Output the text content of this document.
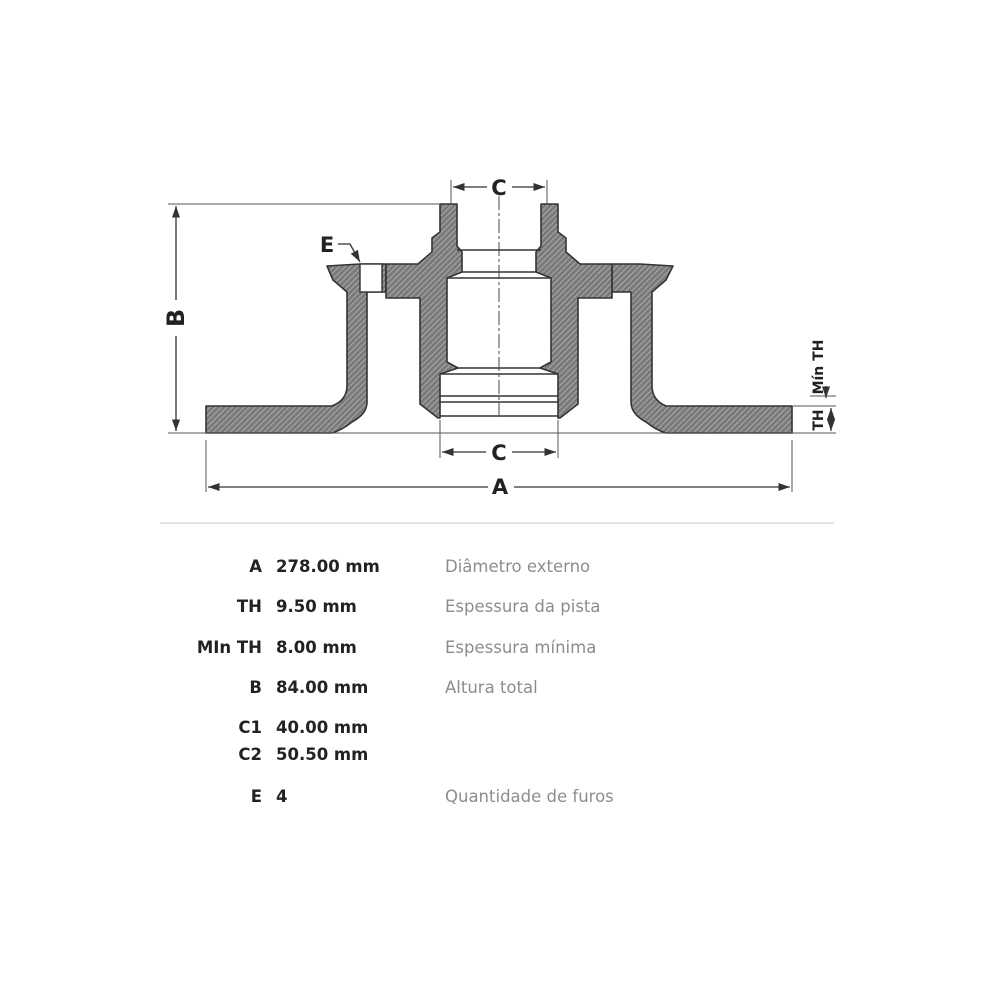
B
A
C
C
E
TH
Mín TH
A 278.00 mm	Diâmetro externo
TH 9.50 mm	Espessura da pista
MIn TH 8.00 mm	Espessura mínima
B 84.00 mm	Altura total
C1 40.00 mm
C2 50.50 mm
E 4	Quantidade de furos
